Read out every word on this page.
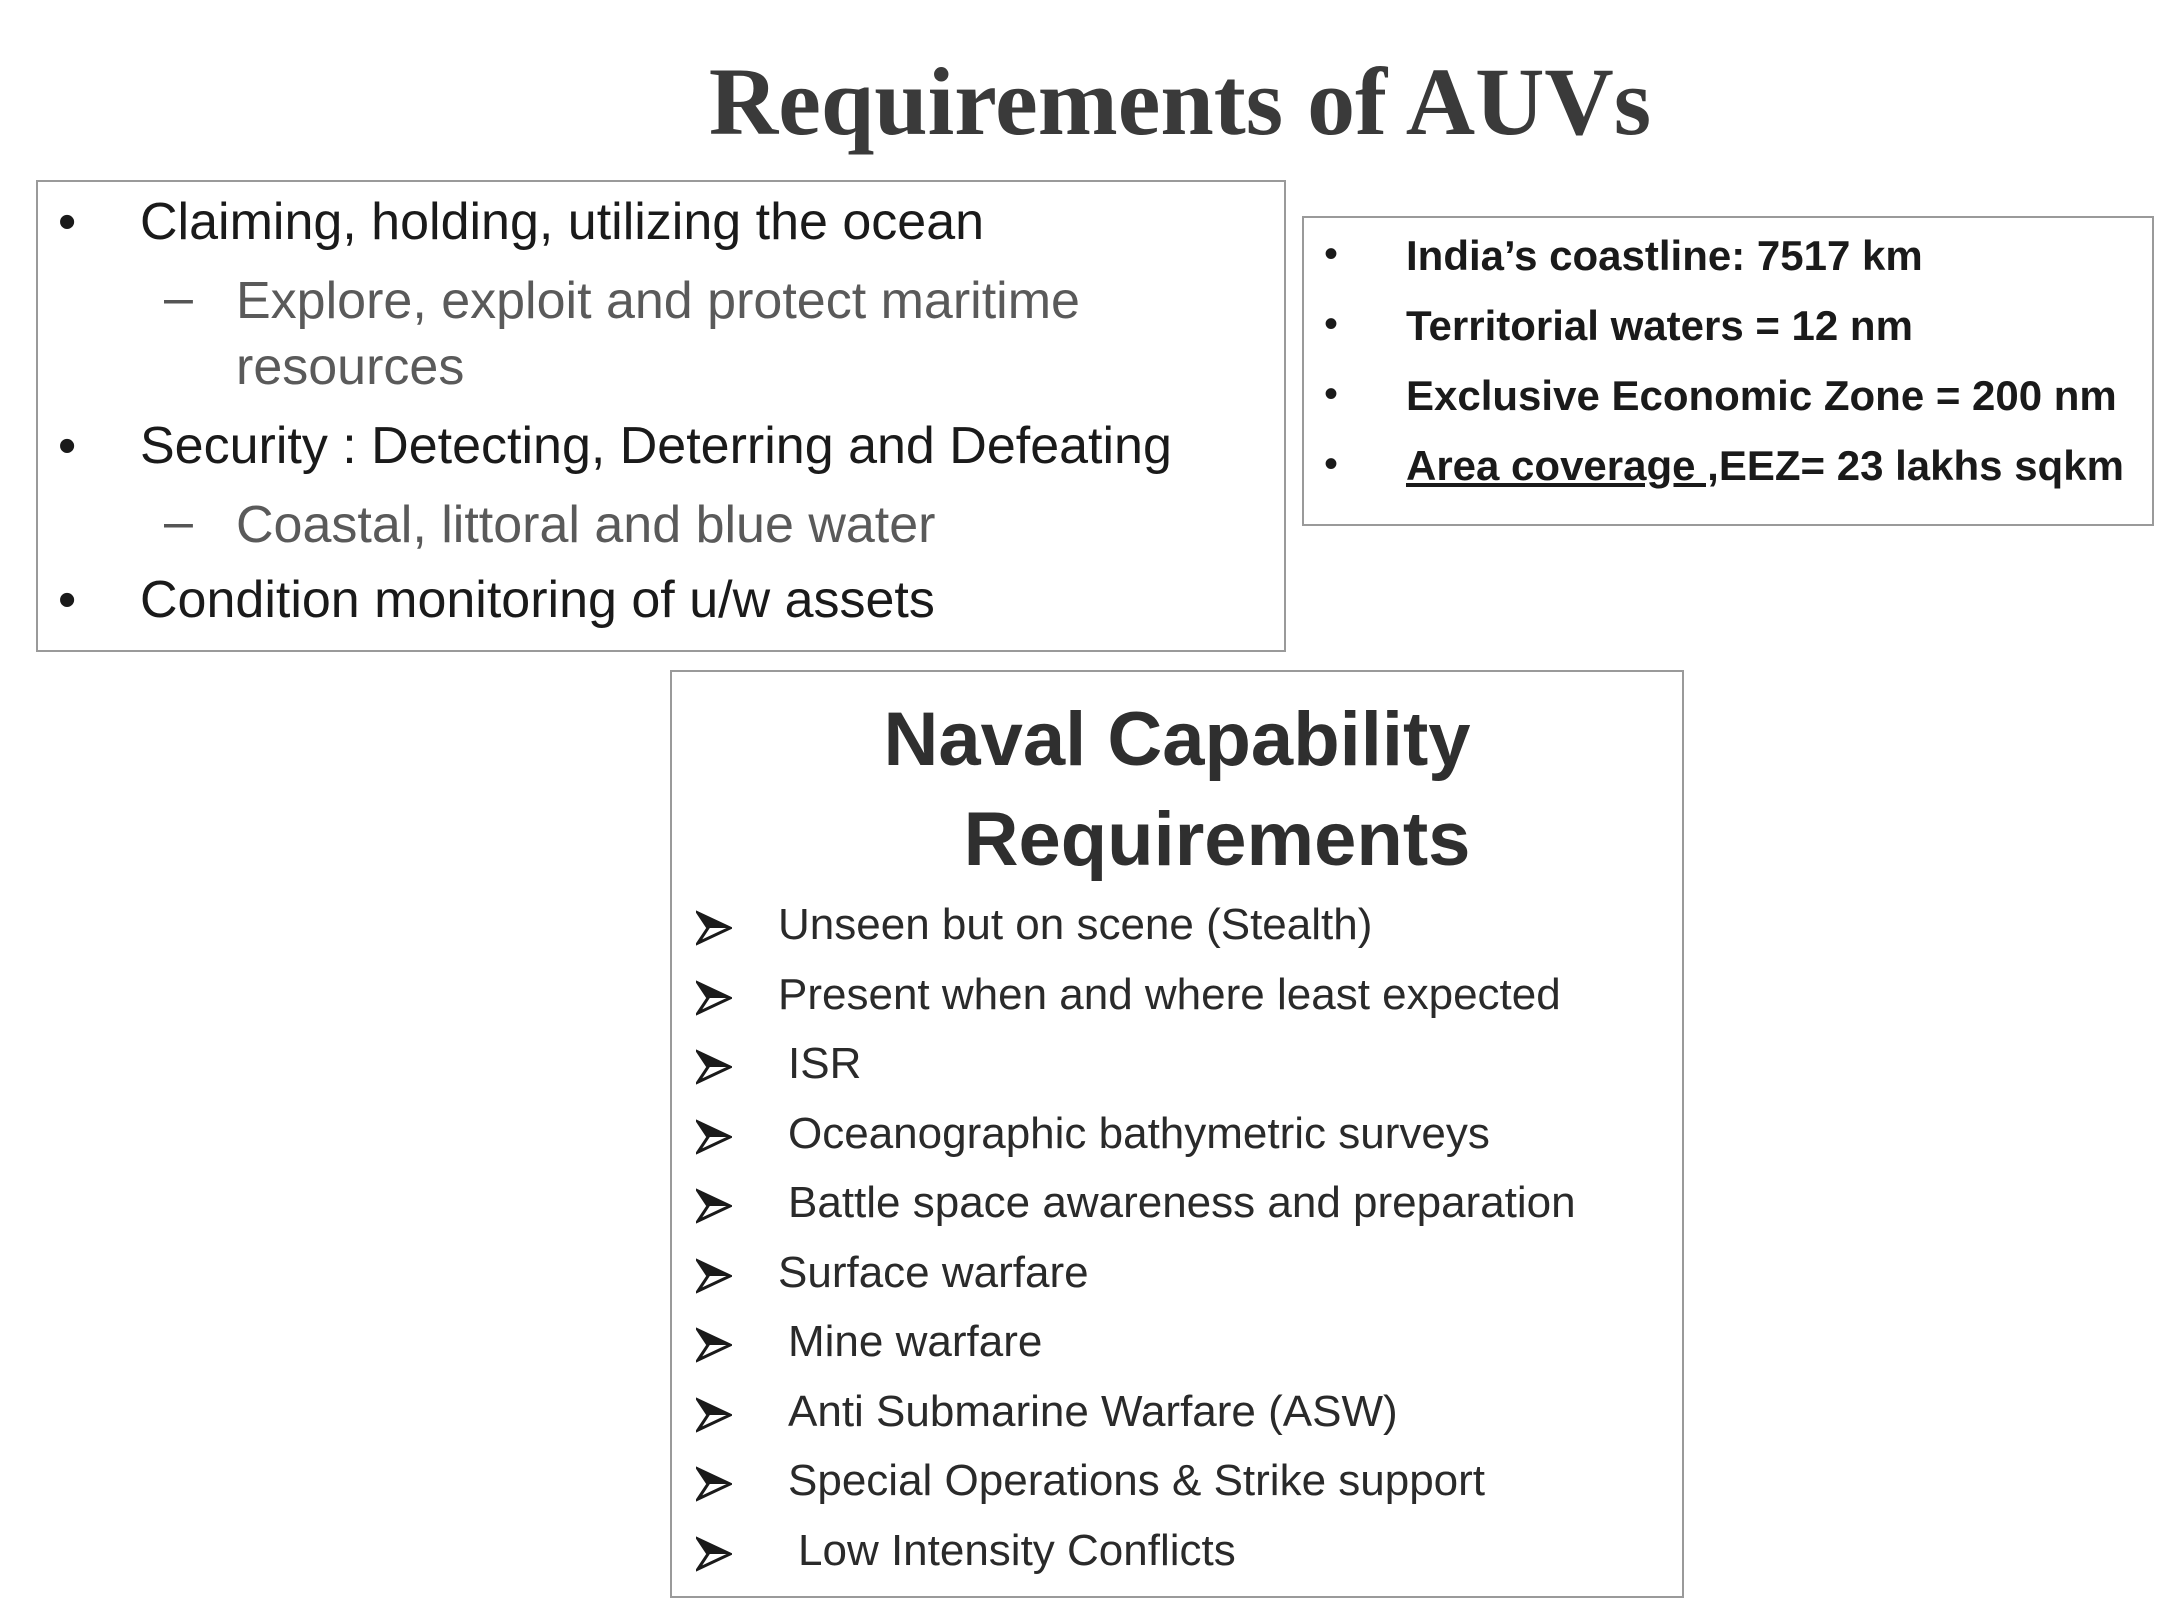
Requirements of AUVs
• Claiming, holding, utilizing the ocean
– Explore, exploit and protect maritime resources
• Security : Detecting, Deterring and Defeating
– Coastal, littoral and blue water
• Condition monitoring of u/w assets
• India’s coastline: 7517 km
• Territorial waters = 12 nm
• Exclusive Economic Zone = 200 nm
• Area coverage ,EEZ= 23 lakhs sqkm
Naval Capability
Requirements
Unseen but on scene (Stealth)
Present when and where least expected
ISR
Oceanographic bathymetric surveys
Battle space awareness and preparation
Surface warfare
Mine warfare
Anti Submarine Warfare (ASW)
Special Operations & Strike support
Low Intensity Conflicts
